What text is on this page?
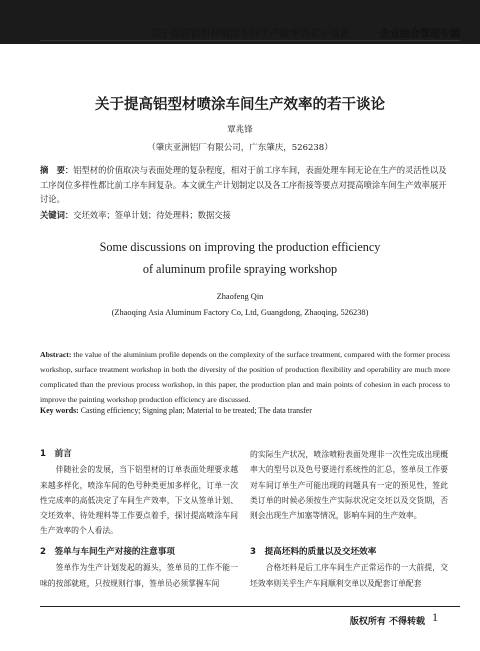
关于提高铝型材喷涂车间生产效率的若干谈论	企业综合管理专题
关于提高铝型材喷涂车间生产效率的若干谈论
覃兆锋
（肇庆亚洲铝厂有限公司，广东肇庆，526238）
摘　要：铝型材的价值取决与表面处理的复杂程度，相对于前工序车间，表面处理车间无论在生产的灵活性以及工序岗位多样性都比前工序车间复杂。本文就生产计划制定以及各工序衔接等要点对提高喷涂车间生产效率展开讨论。
关键词：交坯效率；签单计划；待处理料；数据交接
Some discussions on improving the production efficiency
of aluminum profile spraying workshop
Zhaofeng Qin
(Zhaoqing Asia Aluminum Factory Co, Ltd, Guangdong, Zhaoqing, 526238)
Abstract: the value of the aluminium profile depends on the complexity of the surface treatment, compared with the former process workshop, surface treatment workshop in both the diversity of the position of production flexibility and operability are much more complicated than the previous process workshop, in this paper, the production plan and main points of cohesion in each process to improve the painting workshop production efficiency are discussed.
Key words: Casting efficiency; Signing plan; Material to be treated; The data transfer
1　前言

伴随社会的发展，当下铝型材的订单表面处理要求越来越多样化，喷涂车间的色号种类更加多样化，订单一次性完成率的高低决定了车间生产效率，下文从签单计划、交坯效率、待处理料等工作要点着手，探讨提高喷涂车间生产效率的个人看法。

2　签单与车间生产对接的注意事项

签单作为生产计划发起的源头，签单员的工作不能一味的按部就班，只按规则行事，签单员必须掌握车间

的实际生产状况，喷涂喷粉表面处理非一次性完成出现概率大的型号以及色号要进行系统性的汇总，签单员工作要对车间订单生产可能出现的问题具有一定的预见性，签此类订单的时候必须按生产实际状况定交坯以及交货期，否则会出现生产加塞等情况，影响车间的生产效率。

3　提高坯料的质量以及交坯效率

合格坯料是后工序车间生产正常运作的一大前提，交坯效率则关乎生产车间顺利交单以及配套订单配套

版权所有 不得转载 1
